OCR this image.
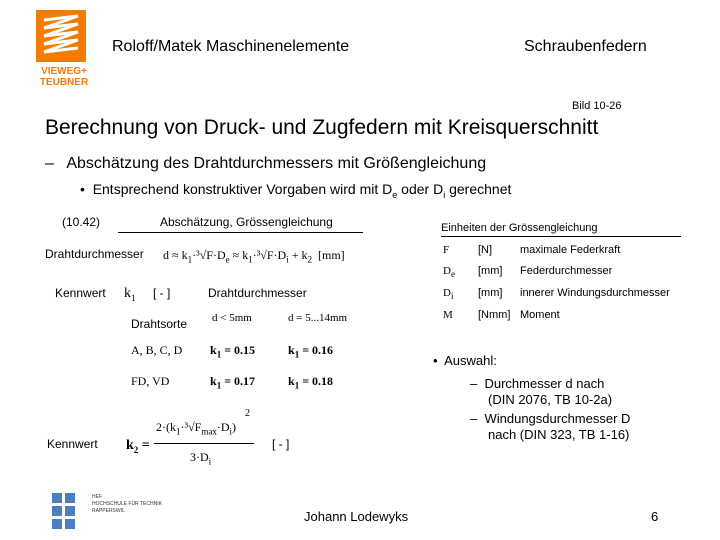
VIEWEG+
TEUBNER
Roloff/Matek Maschinenelemente	Schraubenfedern
Bild 10-26
Berechnung von Druck- und Zugfedern mit Kreisquerschnitt
– Abschätzung des Drahtdurchmessers mit Größengleichung
• Entsprechend konstruktiver Vorgaben wird mit $D_e$ oder $D_i$ gerechnet
(10.42)	Abschätzung, Grössengleichung
Drahtdurchmesser $d \approx k_1\cdot^3√F\cdot D_e \approx k_1\cdot^3√F\cdot D_i + k_2$ [mm]
Kennwert $k_1$ [ - ]	Drahtdurchmesser
Drahtsorte d < 5mm	d = 5...14mm
A, B, C, D $k_1 = 0.15$	$k_1 = 0.16$
FD, VD	$k_1 = 0.17$	$k_1 = 0.18$
Kennwert $k_2$ =
$2\cdot(k_1\cdot^3√F_{max}\cdot D_i)$
2
$3\cdot D_i$
[ - ]
Einheiten der Grössengleichung
F	[N]	maximale Federkraft
$D_e$ [mm] Federdurchmesser
$D_i$ [mm] innerer Windungsdurchmesser
M [Nmm] Moment
• Auswahl:
– Durchmesser d nach
(DIN 2076, TB 10-2a)
– Windungsdurchmesser D
nach (DIN 323, TB 1-16)
HEF
HOCHSCHULE FÜR TECHNIK
RAPPERSWIL	Johann Lodewyks	6
